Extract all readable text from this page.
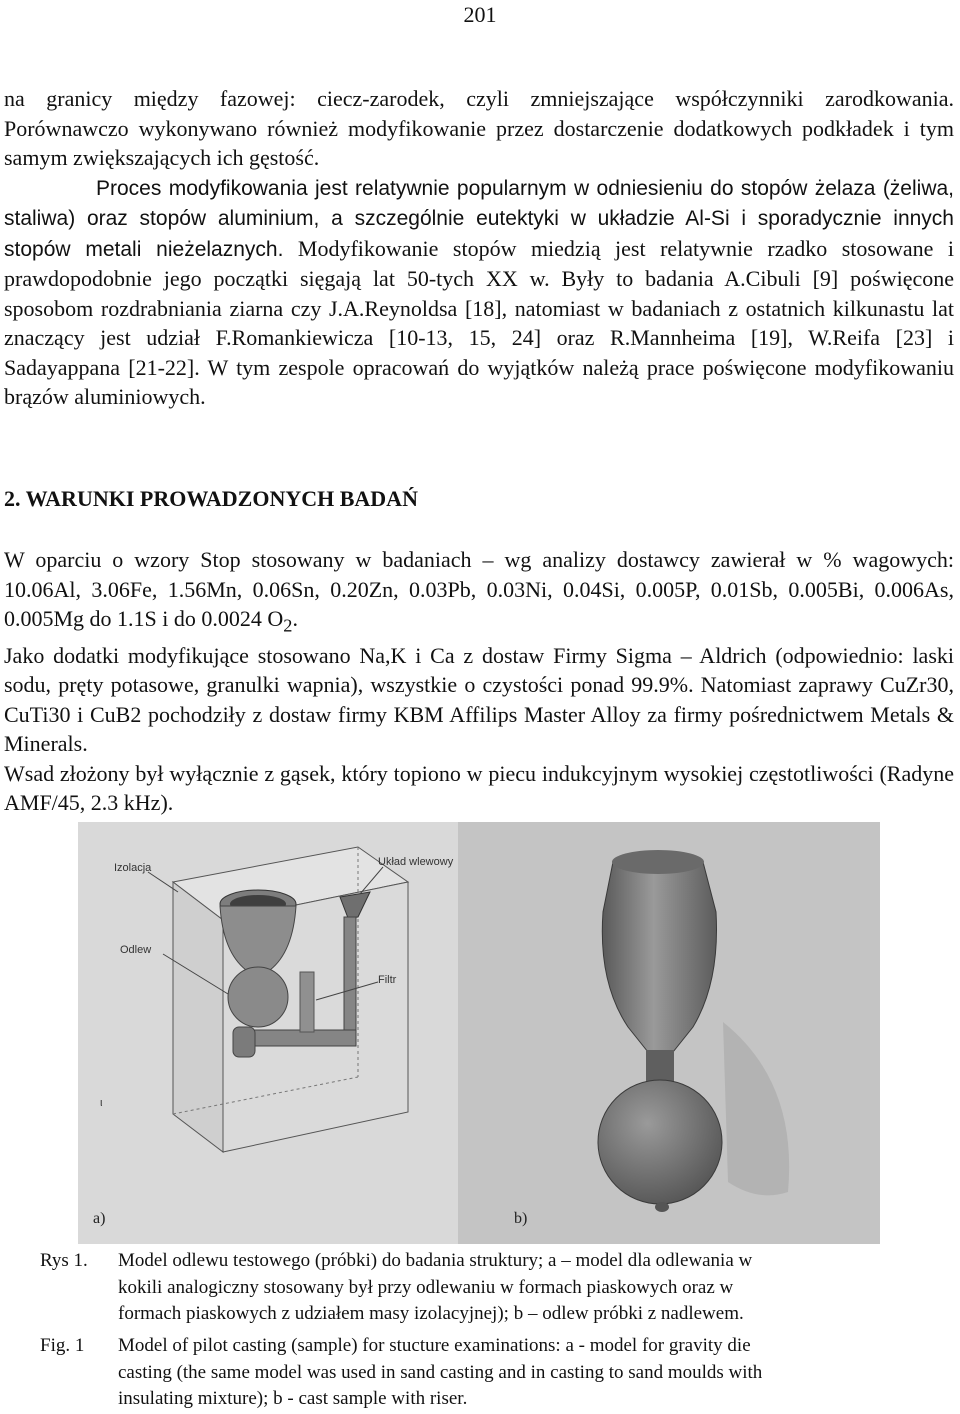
201
na granicy między fazowej: ciecz-zarodek, czyli zmniejszające współczynniki zarodkowania. Porównawczo wykonywano również modyfikowanie przez dostarczenie dodatkowych podkładek i tym samym zwiększających ich gęstość.

Proces modyfikowania jest relatywnie popularnym w odniesieniu do stopów żelaza (żeliwa, staliwa) oraz stopów aluminium, a szczególnie eutektyki w układzie Al-Si i sporadycznie innych stopów metali nieżelaznych. Modyfikowanie stopów miedzią jest relatywnie rzadko stosowane i prawdopodobnie jego początki sięgają lat 50-tych XX w. Były to badania A.Cibuli [9] poświęcone sposobom rozdrabniania ziarna czy J.A.Reynoldsa [18], natomiast w badaniach z ostatnich kilkunastu lat znaczący jest udział F.Romankiewicza [10-13, 15, 24] oraz R.Mannheima [19], W.Reifa [23] i Sadayappana [21-22]. W tym zespole opracowań do wyjątków należą prace poświęcone modyfikowaniu brązów aluminiowych.
2. WARUNKI PROWADZONYCH BADAŃ
W oparciu o wzory Stop stosowany w badaniach – wg analizy dostawcy zawierał w % wagowych: 10.06Al, 3.06Fe, 1.56Mn, 0.06Sn, 0.20Zn, 0.03Pb, 0.03Ni, 0.04Si, 0.005P, 0.01Sb, 0.005Bi, 0.006As, 0.005Mg do 1.1S i do 0.0024 $O_2$.
Jako dodatki modyfikujące stosowano Na,K i Ca z dostaw Firmy Sigma – Aldrich (odpowiednio: laski sodu, pręty potasowe, granulki wapnia), wszystkie o czystości ponad 99.9%. Natomiast zaprawy CuZr30, CuTi30 i CuB2 pochodziły z dostaw firmy KBM Affilips Master Alloy za firmy pośrednictwem Metals & Minerals.
Wsad złożony był wyłącznie z gąsek, który topiono w piecu indukcyjnym wysokiej częstotliwości (Radyne AMF/45, 2.3 kHz).
Izolacja	Układ wlewowy
Odlew
Filtr
ι
a)	b)
Rys 1.	Model odlewu testowego (próbki) do badania struktury; a – model dla odlewania w
kokili analogiczny stosowany był przy odlewaniu w formach piaskowych oraz w
formach piaskowych z udziałem masy izolacyjnej); b – odlew próbki z nadlewem.
Fig. 1	Model of pilot casting (sample) for stucture examinations: a - model for gravity die
casting (the same model was used in sand casting and in casting to sand moulds with
insulating mixture); b - cast sample with riser.
